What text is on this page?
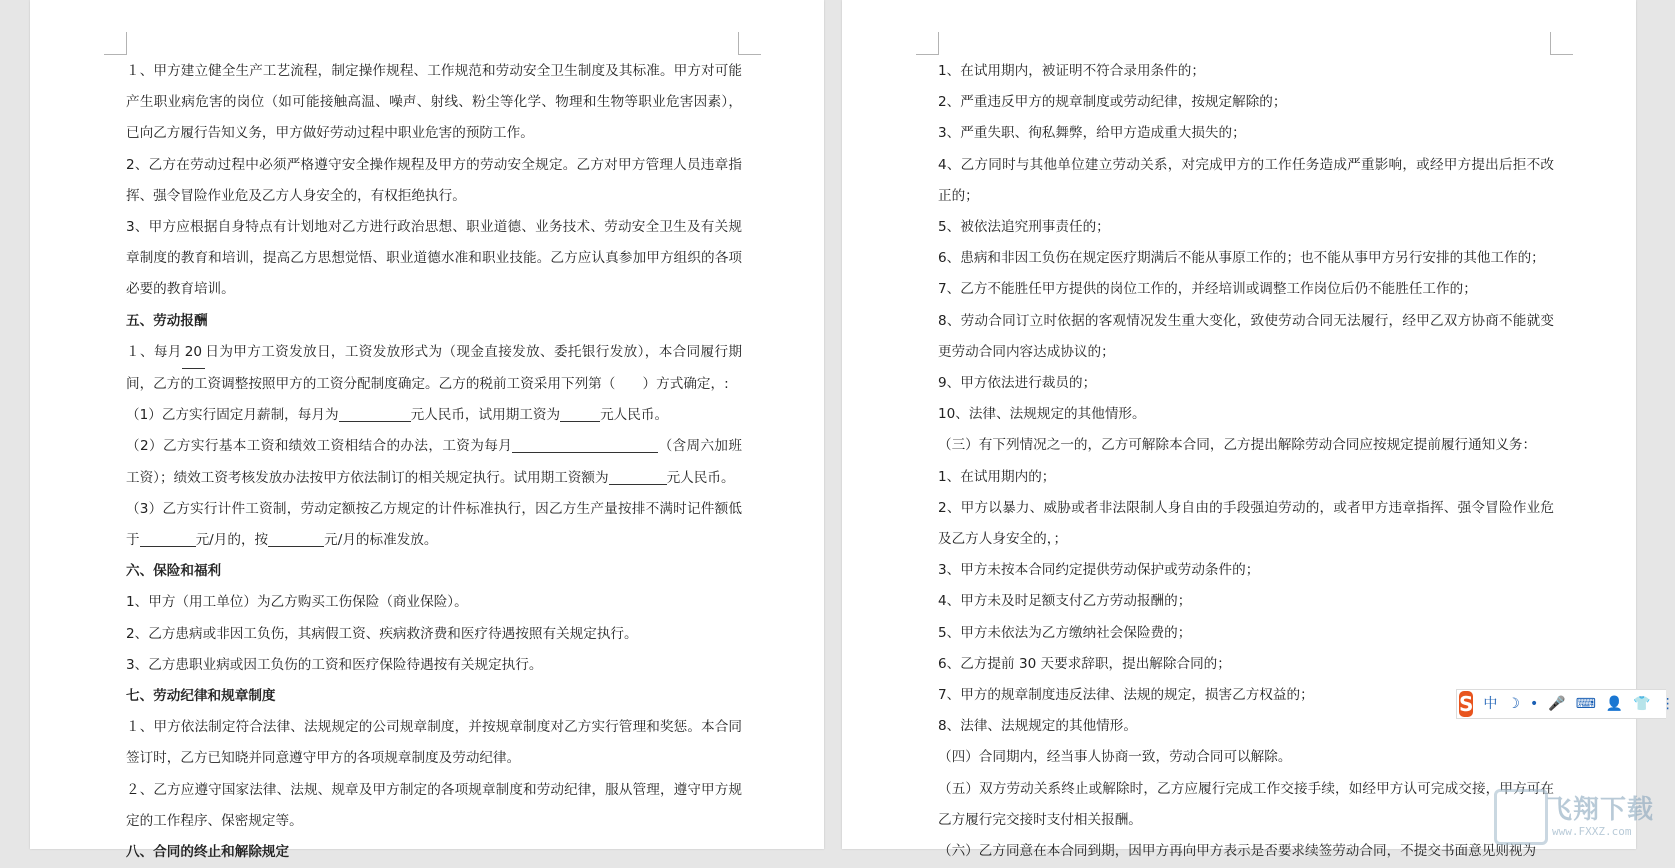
１、甲方建立健全生产工艺流程，制定操作规程、工作规范和劳动安全卫生制度及其标准。甲方对可能产生职业病危害的岗位（如可能接触高温、噪声、射线、粉尘等化学、物理和生物等职业危害因素），已向乙方履行告知义务，甲方做好劳动过程中职业危害的预防工作。

2、乙方在劳动过程中必须严格遵守安全操作规程及甲方的劳动安全规定。乙方对甲方管理人员违章指挥、强令冒险作业危及乙方人身安全的，有权拒绝执行。

3、甲方应根据自身特点有计划地对乙方进行政治思想、职业道德、业务技术、劳动安全卫生及有关规章制度的教育和培训，提高乙方思想觉悟、职业道德水准和职业技能。乙方应认真参加甲方组织的各项必要的教育培训。

五、劳动报酬

１、每月 20 日为甲方工资发放日，工资发放形式为（现金直接发放、委托银行发放），本合同履行期间，乙方的工资调整按照甲方的工资分配制度确定。乙方的税前工资采用下列第（　　）方式确定，:

（1）乙方实行固定月薪制，每月为	元人民币，试用期工资为	元人民币。

（2）乙方实行基本工资和绩效工资相结合的办法，工资为每月	（含周六加班工资）；绩效工资考核发放办法按甲方依法制订的相关规定执行。试用期工资额为	元人民币。

（3）乙方实行计件工资制，劳动定额按乙方规定的计件标准执行，因乙方生产量按排不满时记件额低于	元/月的，按	元/月的标准发放。

六、保险和福利

1、甲方（用工单位）为乙方购买工伤保险（商业保险）。

2、乙方患病或非因工负伤，其病假工资、疾病救济费和医疗待遇按照有关规定执行。

3、乙方患职业病或因工负伤的工资和医疗保险待遇按有关规定执行。

七、劳动纪律和规章制度

１、甲方依法制定符合法律、法规规定的公司规章制度，并按规章制度对乙方实行管理和奖惩。本合同签订时，乙方已知晓并同意遵守甲方的各项规章制度及劳动纪律。

２、乙方应遵守国家法律、法规、规章及甲方制定的各项规章制度和劳动纪律，服从管理，遵守甲方规定的工作程序、保密规定等。

八、合同的终止和解除规定

1、在试用期内，被证明不符合录用条件的；

2、严重违反甲方的规章制度或劳动纪律，按规定解除的；

3、严重失职、徇私舞弊，给甲方造成重大损失的；

4、乙方同时与其他单位建立劳动关系，对完成甲方的工作任务造成严重影响，或经甲方提出后拒不改正的；

5、被依法追究刑事责任的；

6、患病和非因工负伤在规定医疗期满后不能从事原工作的；也不能从事甲方另行安排的其他工作的；

7、乙方不能胜任甲方提供的岗位工作的，并经培训或调整工作岗位后仍不能胜任工作的；

8、劳动合同订立时依据的客观情况发生重大变化，致使劳动合同无法履行，经甲乙双方协商不能就变更劳动合同内容达成协议的；

9、甲方依法进行裁员的；

10、法律、法规规定的其他情形。

（三）有下列情况之一的，乙方可解除本合同，乙方提出解除劳动合同应按规定提前履行通知义务：

1、在试用期内的；

2、甲方以暴力、威胁或者非法限制人身自由的手段强迫劳动的，或者甲方违章指挥、强令冒险作业危及乙方人身安全的，；

3、甲方未按本合同约定提供劳动保护或劳动条件的；

4、甲方未及时足额支付乙方劳动报酬的；

5、甲方未依法为乙方缴纳社会保险费的；

6、乙方提前 30 天要求辞职，提出解除合同的；

7、甲方的规章制度违反法律、法规的规定，损害乙方权益的；

8、法律、法规规定的其他情形。

（四）合同期内，经当事人协商一致，劳动合同可以解除。

（五）双方劳动关系终止或解除时，乙方应履行完成工作交接手续，如经甲方认可完成交接，甲方可在乙方履行完交接时支付相关报酬。

（六）乙方同意在本合同到期，因甲方再向甲方表示是否要求续签劳动合同，不提交书面意见则视为

S 中 ☽ • 🎤 ⌨ 👤 👕 ⋮
飞翔下载
www.FXXZ.com
